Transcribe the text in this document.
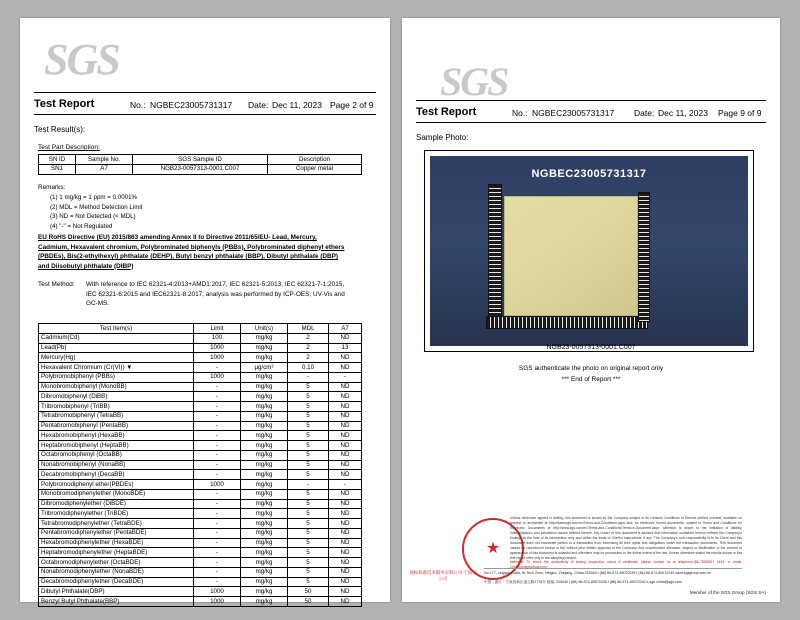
SGS
Test Report	No.: NGBEC23005731317 Date: Dec 11, 2023 Page 2 of 9
Test Result(s):
Test Part Description:
SN ID	Sample No.	SGS Sample ID	Description
SN1	A7	NGB23-0057313-0001.C007	Copper metal
Remarks:
(1) 1 mg/kg = 1 ppm = 0.0001%
(2) MDL = Method Detection Limit
(3) ND = Not Detected (< MDL)
(4) "-" = Not Regulated
EU RoHS Directive (EU) 2015/863 amending Annex II to Directive 2011/65/EU- Lead, Mercury, Cadmium, Hexavalent chromium, Polybrominated biphenyls (PBBs), Polybrominated diphenyl ethers (PBDEs), Bis(2-ethylhexyl) phthalate (DEHP), Butyl benzyl phthalate (BBP), Dibutyl phthalate (DBP) and Diisobutyl phthalate (DIBP)
Test Method: With reference to IEC 62321-4:2013+AMD1:2017, IEC 62321-5:2013, IEC 62321-7-1:2015, IEC 62321-6:2015 and IEC62321-8:2017, analysis was performed by ICP-OES, UV-Vis and GC-MS.
Test Item(s)	Limit	Unit(s)	MDL	A7
Cadmium(Cd)	100	mg/kg	2	ND
Lead(Pb)	1000	mg/kg	2	13
Mercury(Hg)	1000	mg/kg	2	ND
Hexavalent Chromium (Cr(VI)) ▼	-	µg/cm²	0.10	ND
Polybromobiphenyl (PBBs)	1000	mg/kg	-	-
Monobromobiphenyl (MonoBB)	-	mg/kg	5	ND
Dibromobiphenyl (DiBB)	-	mg/kg	5	ND
Tribromobiphenyl (TriBB)	-	mg/kg	5	ND
Tetrabromobiphenyl (TetraBB)	-	mg/kg	5	ND
Pentabromobiphenyl (PentaBB)	-	mg/kg	5	ND
Hexabromobiphenyl (HexaBB)	-	mg/kg	5	ND
Heptabromobiphenyl (HeptaBB)	-	mg/kg	5	ND
Octabromobiphenyl (OctaBB)	-	mg/kg	5	ND
Nonabromobiphenyl (NonaBB)	-	mg/kg	5	ND
Decabromobiphenyl (DecaBB)	-	mg/kg	5	ND
Polybromodiphenyl ether(PBDEs)	1000	mg/kg	-	-
Monobromodiphenylether (MonoBDE)	-	mg/kg	5	ND
Dibromodiphenylether (DiBDE)	-	mg/kg	5	ND
Tribromodiphenylether (TriBDE)	-	mg/kg	5	ND
Tetrabromodiphenylether (TetraBDE)	-	mg/kg	5	ND
Pentabromodiphenylether (PentaBDE)	-	mg/kg	5	ND
Hexabromodiphenylether (HexaBDE)	-	mg/kg	5	ND
Heptabromodiphenylether (HeptaBDE)	-	mg/kg	5	ND
Octabromodiphenylether (OctaBDE)	-	mg/kg	5	ND
Nonabromodiphenylether (NonaBDE)	-	mg/kg	5	ND
Decabromodiphenylether (DecaBDE)	-	mg/kg	5	ND
Dibutyl Phthalate(DBP)	1000	mg/kg	50	ND
Benzyl Butyl Phthalate(BBP)	1000	mg/kg	50	ND
SGS
Test Report	No.: NGBEC23005731317 Date: Dec 11, 2023 Page 9 of 9
Sample Photo:
NGBEC23005731317
NGB23-0057313-0001.C007
SGS authenticate the photo on original report only
*** End of Report ***
★
通标标准技术服务有限公司 宁波分公司
Unless otherwise agreed in writing, this document is issued by the Company subject to its General Conditions of Service printed overleaf, available on request or accessible at http://www.sgs.com/en/Terms-and-Conditions.aspx and, for electronic format documents, subject to Terms and Conditions for Electronic Documents at http://www.sgs.com/en/Terms-and-Conditions/Terms-e-Document.aspx. Attention is drawn to the limitation of liability, indemnification and jurisdiction issues defined therein. Any holder of this document is advised that information contained hereon reflects the Company's findings at the time of its intervention only and within the limits of Client's instructions, if any. The Company's sole responsibility is to its Client and this document does not exonerate parties to a transaction from exercising all their rights and obligations under the transaction documents. This document cannot be reproduced except in full, without prior written approval of the Company. Any unauthorized alteration, forgery or falsification of the content or appearance of this document is unlawful and offenders may be prosecuted to the fullest extent of the law. Unless otherwise stated the results shown in this test report refer only to the sample(s) tested.
Attention: To check the authenticity of testing /inspection report & certificate, please contact us at telephone:(86-755)8307 1443, or email: CN.Doccheck@sgs.com
No.177, Lingyun Road, Hi-Tech Zone, Ningbo, Zhejiang, China 315040 t (86) 86-574-89070245 f (86) 86-574-89070242 www.sgsgroup.com.cn
中国・浙江・宁波高新区凌云路1776号 邮编: 315040 t (86) 86-574-89070245 f (86) 86-574-89070242 e sgs.china@sgs.com
Member of the SGS Group (SGS SA)
